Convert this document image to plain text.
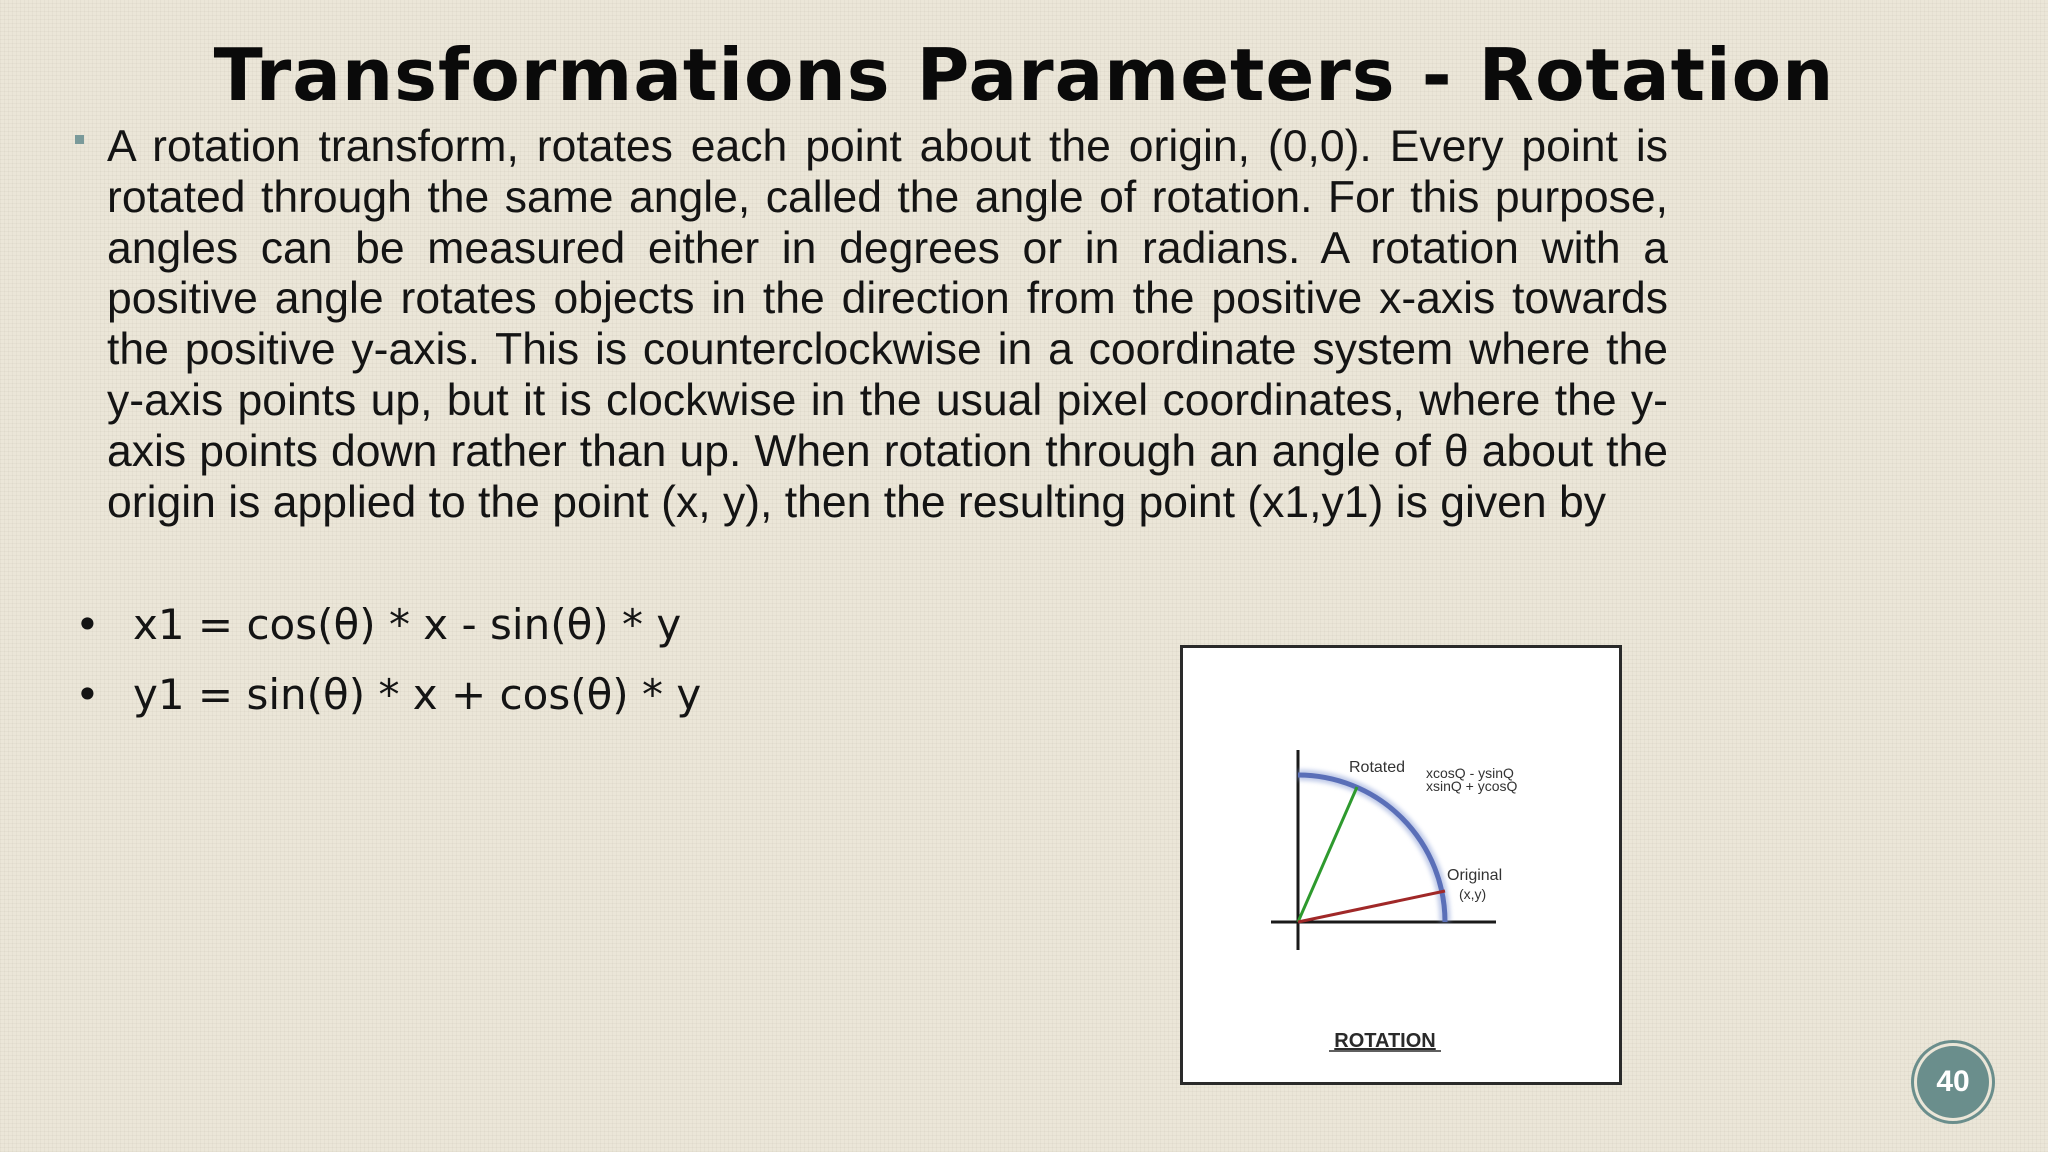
Transformations Parameters - Rotation

A rotation transform, rotates each point about the origin, (0,0). Every point is rotated through the same angle, called the angle of rotation. For this purpose, angles can be measured either in degrees or in radians. A rotation with a positive angle rotates objects in the direction from the positive x-axis towards the positive y-axis. This is counterclockwise in a coordinate system where the y-axis points up, but it is clockwise in the usual pixel coordinates, where the y-axis points down rather than up. When rotation through an angle of θ about the origin is applied to the point (x, y), then the resulting point (x1,y1) is given by

• x1 = cos(θ) * x - sin(θ) * y
• y1 = sin(θ) * x + cos(θ) * y
Rotated xcosQ - ysinQ
xsinQ + ycosQ
Original
(x,y)
ROTATION
40
